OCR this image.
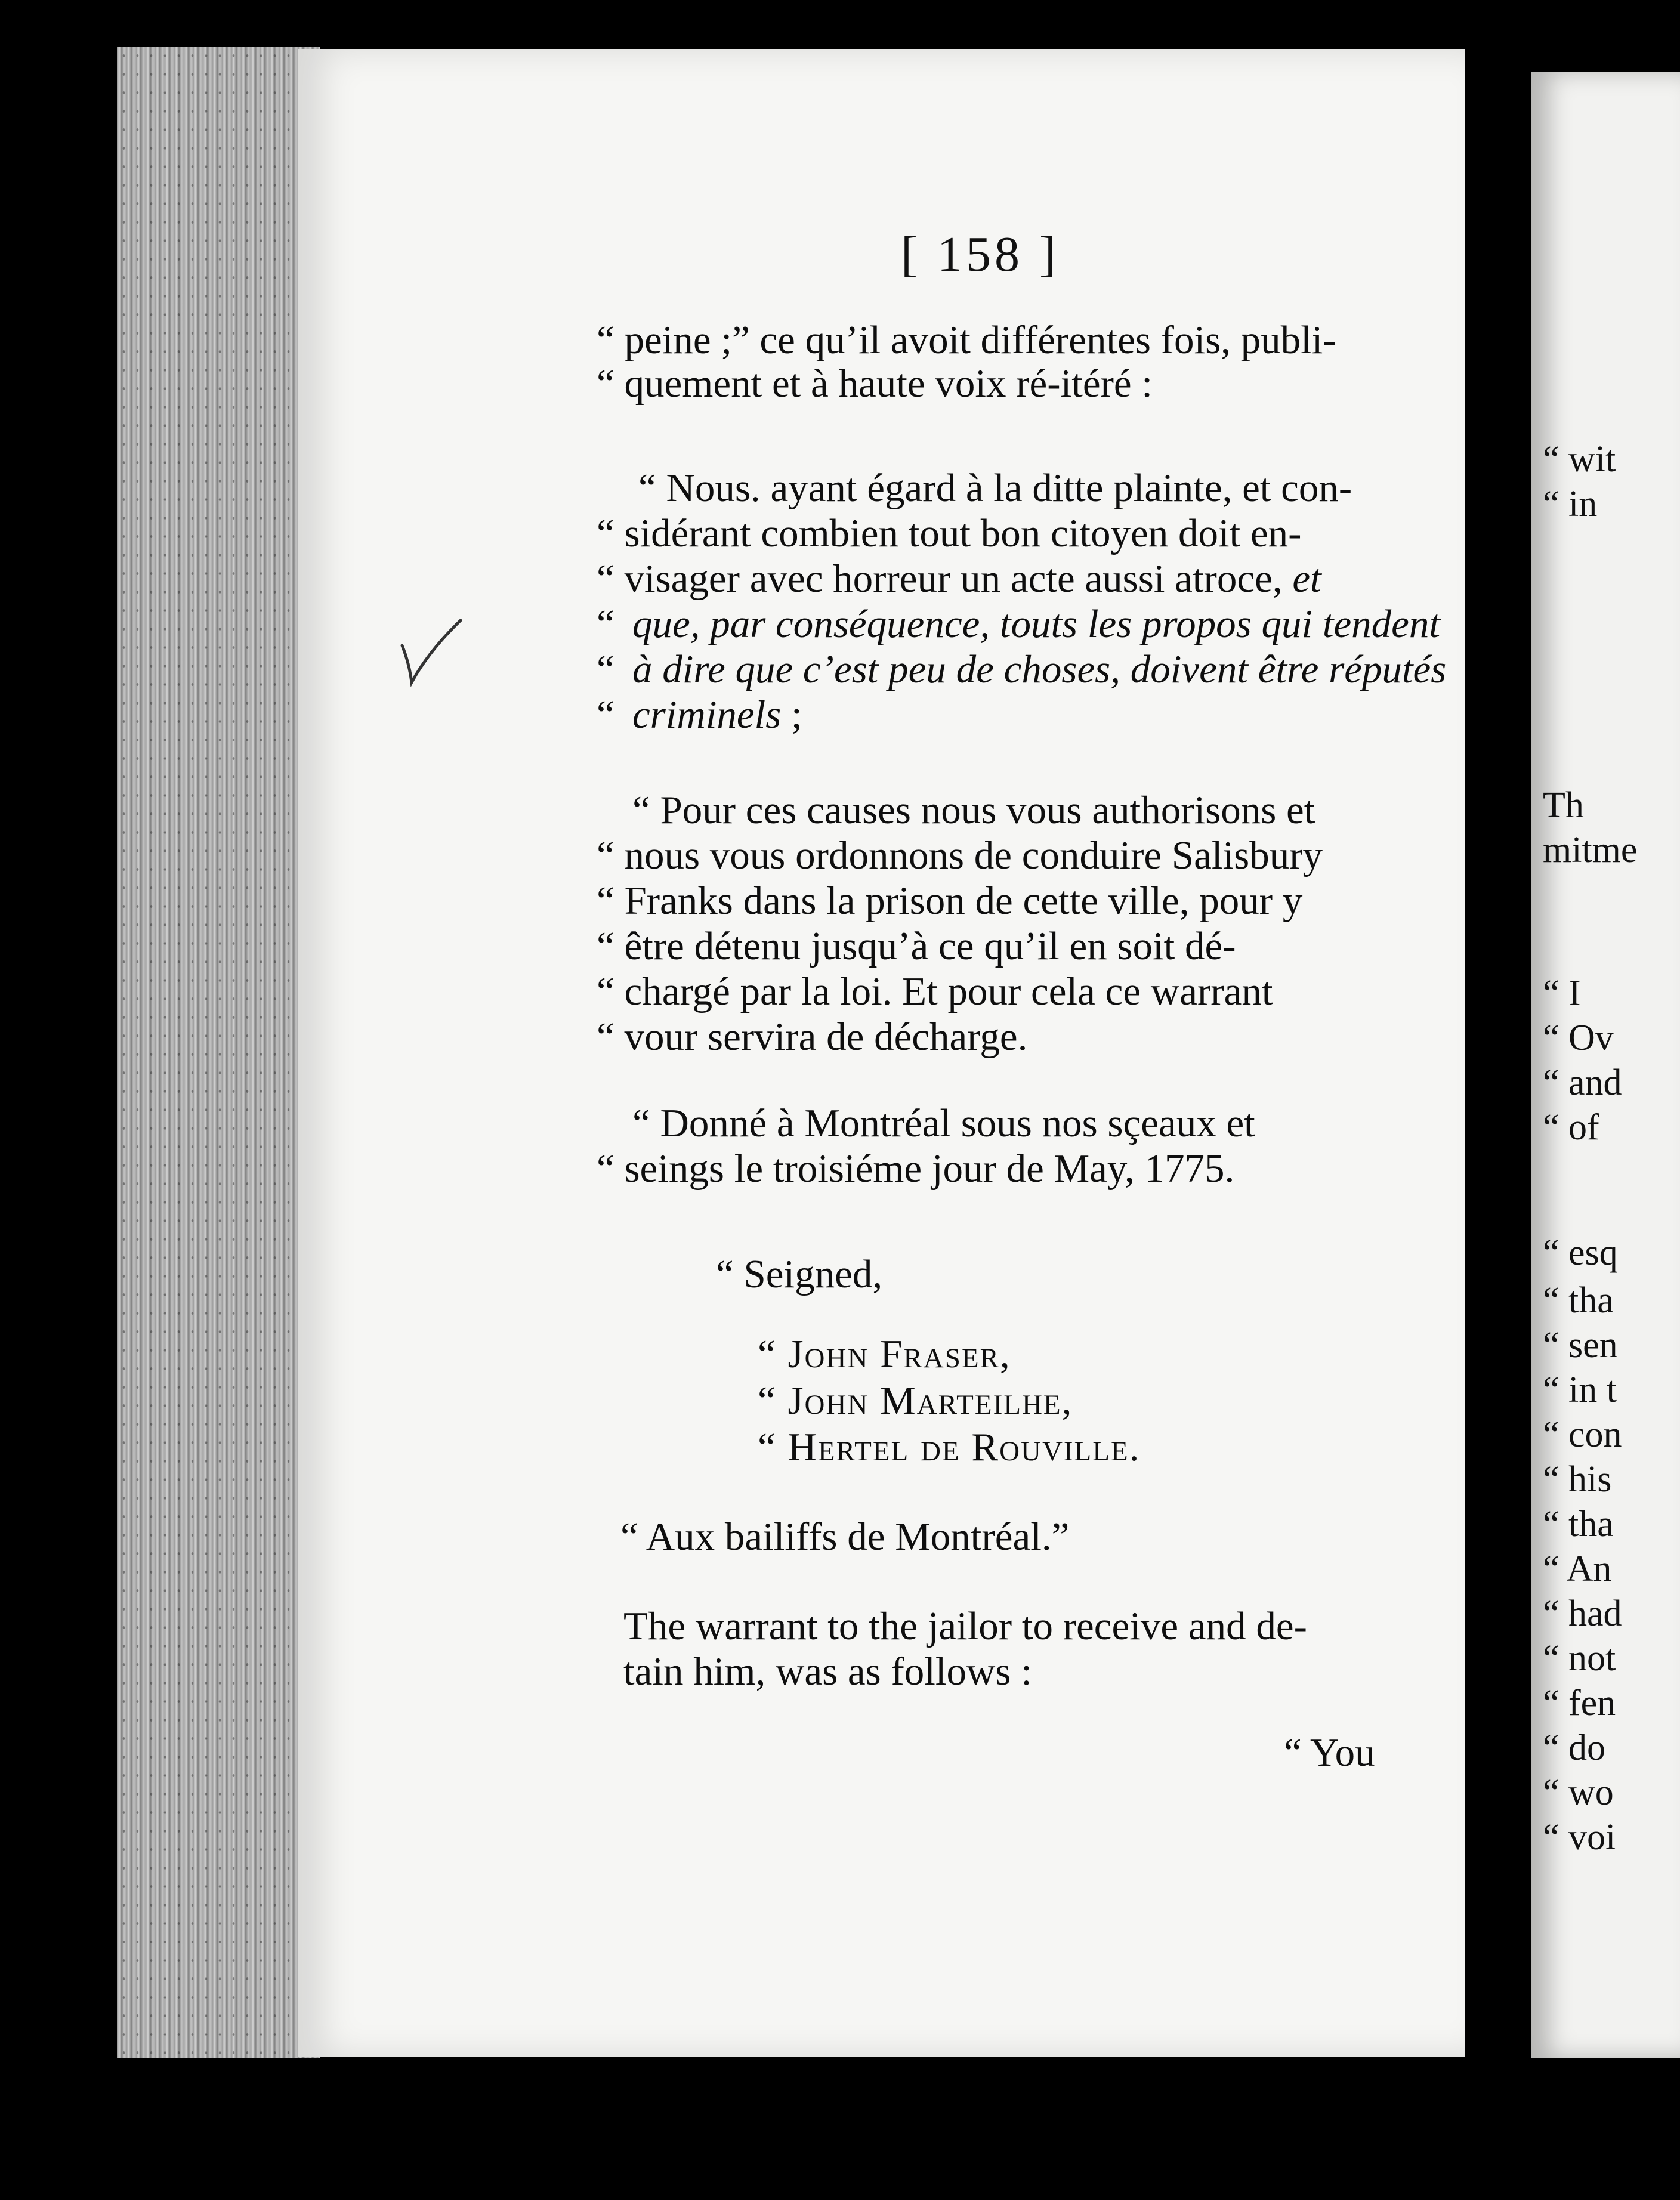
“ wit
“ in
Th
mitme
“ I
“ Ov
“ and
“ of
“ esq
“ tha
“ sen
“ in t
“ con
“ his
“ tha
“ An
“ had
“ not
“ fen
“ do
“ wo
“ voi
[ 158 ]
“ peine ;” ce qu’il avoit différentes fois, publi-
“ quement et à haute voix ré-itéré :
“ Nous. ayant égard à la ditte plainte, et con-
“ sidérant combien tout bon citoyen doit en-
“ visager avec horreur un acte aussi atroce, et
“ que, par conséquence, touts les propos qui tendent
“ à dire que c’est peu de choses, doivent être réputés
“ criminels ;
“ Pour ces causes nous vous authorisons et
“ nous vous ordonnons de conduire Salisbury
“ Franks dans la prison de cette ville, pour y
“ être détenu jusqu’à ce qu’il en soit dé-
“ chargé par la loi. Et pour cela ce warrant
“ vour servira de décharge.
“ Donné à Montréal sous nos sçeaux et
“ seings le troisiéme jour de May, 1775.
“ Seigned,
“ John Fraser,
“ John Marteilhe,
“ Hertel de Rouville.
“ Aux bailiffs de Montréal.”
The warrant to the jailor to receive and de-
tain him, was as follows :
“ You
